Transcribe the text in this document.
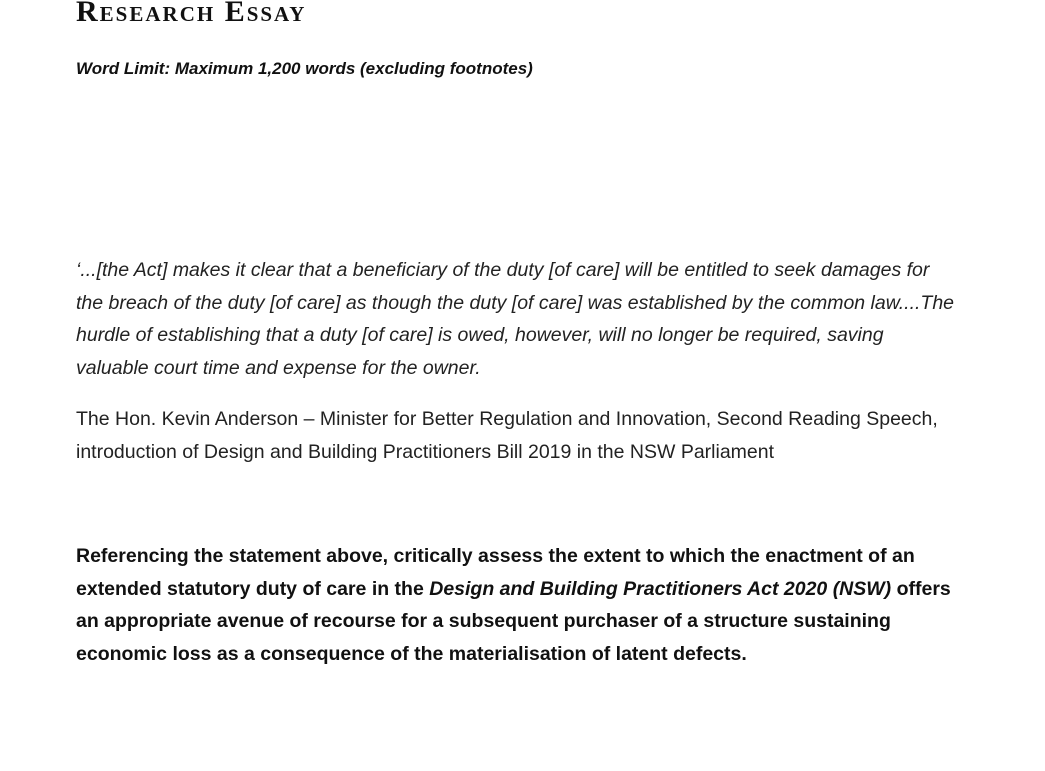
Research Essay

Word Limit: Maximum 1,200 words (excluding footnotes)

‘...[the Act] makes it clear that a beneficiary of the duty [of care] will be entitled to seek damages for the breach of the duty [of care] as though the duty [of care] was established by the common law....The hurdle of establishing that a duty [of care] is owed, however, will no longer be required, saving valuable court time and expense for the owner.

The Hon. Kevin Anderson – Minister for Better Regulation and Innovation, Second Reading Speech, introduction of Design and Building Practitioners Bill 2019 in the NSW Parliament

Referencing the statement above, critically assess the extent to which the enactment of an extended statutory duty of care in the Design and Building Practitioners Act 2020 (NSW) offers an appropriate avenue of recourse for a subsequent purchaser of a structure sustaining economic loss as a consequence of the materialisation of latent defects.
